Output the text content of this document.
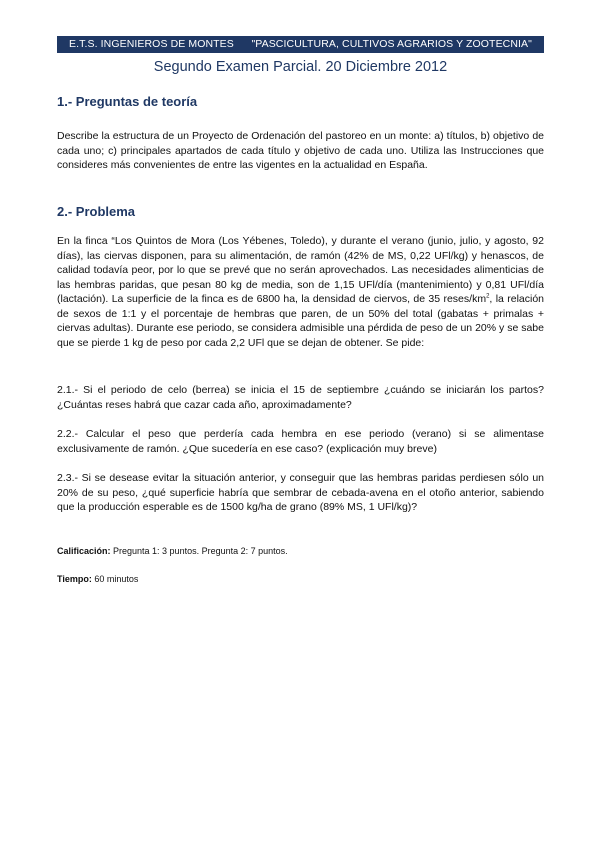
E.T.S. INGENIEROS DE MONTES "PASCICULTURA, CULTIVOS AGRARIOS Y ZOOTECNIA"
Segundo Examen Parcial. 20 Diciembre 2012
1.- Preguntas de teoría
Describe la estructura de un Proyecto de Ordenación del pastoreo en un monte: a) títulos, b) objetivo de cada uno; c) principales apartados de cada título y objetivo de cada uno. Utiliza las Instrucciones que consideres más convenientes de entre las vigentes en la actualidad en España.
2.- Problema
En la finca “Los Quintos de Mora (Los Yébenes, Toledo), y durante el verano (junio, julio, y agosto, 92 días), las ciervas disponen, para su alimentación, de ramón (42% de MS, 0,22 UFl/kg) y henascos, de calidad todavía peor, por lo que se prevé que no serán aprovechados. Las necesidades alimenticias de las hembras paridas, que pesan 80 kg de media, son de 1,15 UFl/día (mantenimiento) y 0,81 UFl/día (lactación). La superficie de la finca es de 6800 ha, la densidad de ciervos, de 35 reses/$km^2$, la relación de sexos de 1:1 y el porcentaje de hembras que paren, de un 50% del total (gabatas + primalas + ciervas adultas). Durante ese periodo, se considera admisible una pérdida de peso de un 20% y se sabe que se pierde 1 kg de peso por cada 2,2 UFl que se dejan de obtener. Se pide:
2.1.- Si el periodo de celo (berrea) se inicia el 15 de septiembre ¿cuándo se iniciarán los partos? ¿Cuántas reses habrá que cazar cada año, aproximadamente?
2.2.- Calcular el peso que perdería cada hembra en ese periodo (verano) si se alimentase exclusivamente de ramón. ¿Que sucedería en ese caso? (explicación muy breve)
2.3.- Si se desease evitar la situación anterior, y conseguir que las hembras paridas perdiesen sólo un 20% de su peso, ¿qué superficie habría que sembrar de cebada-avena en el otoño anterior, sabiendo que la producción esperable es de 1500 kg/ha de grano (89% MS, 1 UFl/kg)?
Calificación: Pregunta 1: 3 puntos. Pregunta 2: 7 puntos.
Tiempo: 60 minutos
